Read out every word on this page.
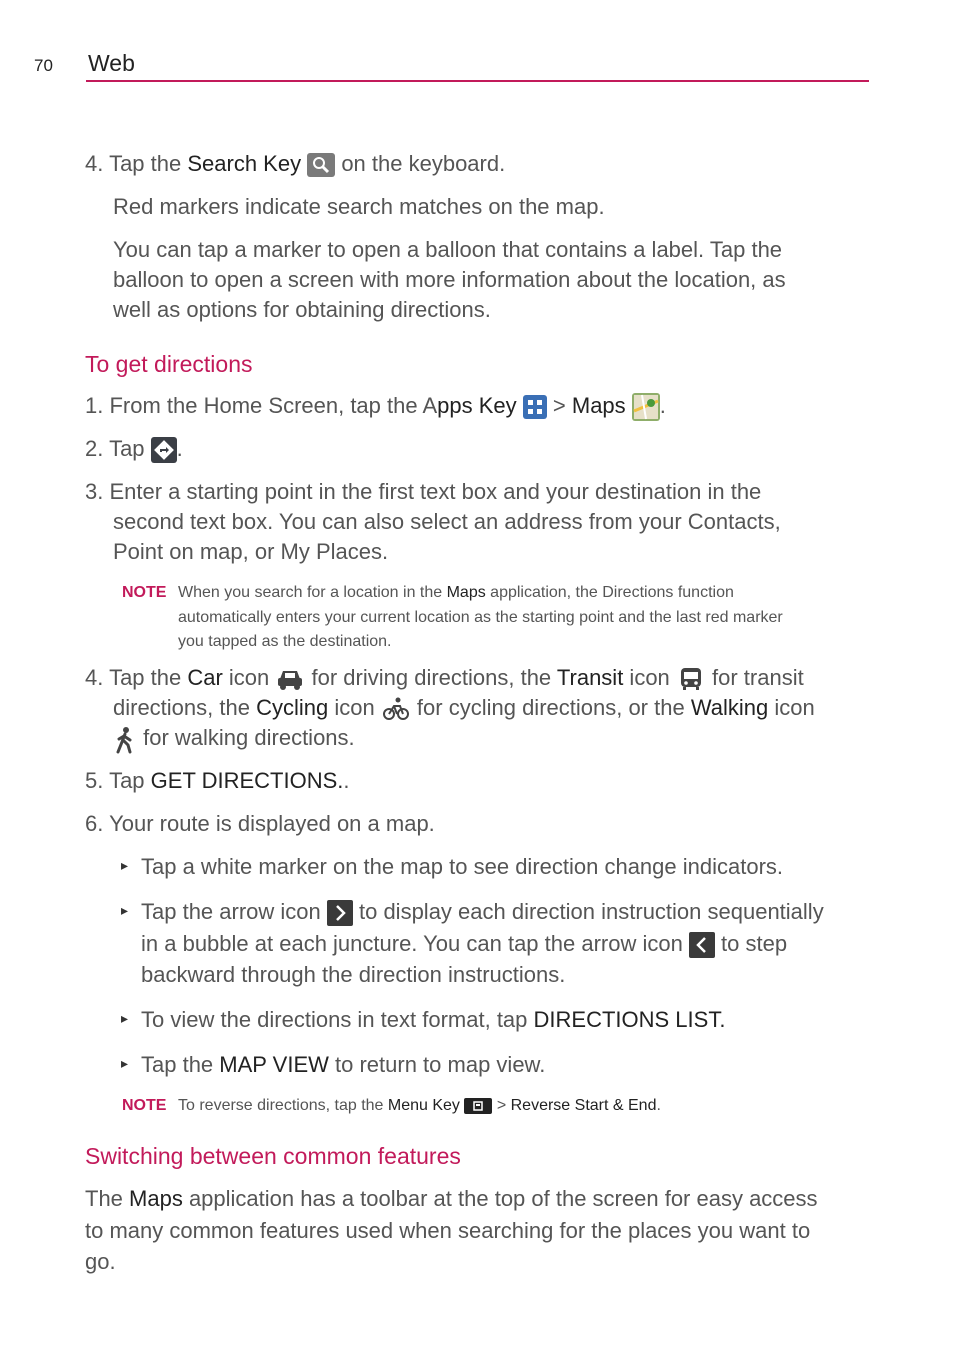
70 Web
4. Tap the Search Key
on the keyboard.
Red markers indicate search matches on the map.
You can tap a marker to open a balloon that contains a label. Tap the
balloon to open a screen with more information about the location, as
well as options for obtaining directions.
To get directions
1. From the Home Screen, tap the Apps Key
> Maps .
2. Tap
.
3. Enter a starting point in the first text box and your destination in the
second text box. You can also select an address from your Contacts,
Point on map, or My Places.
NOTE When you search for a location in the Maps application, the Directions function
automatically enters your current location as the starting point and the last red marker
you tapped as the destination.
4. Tap the Car icon
for driving directions, the Transit icon
for transit
directions, the Cycling icon
for cycling directions, or the Walking icon
for walking directions.
5. Tap GET DIRECTIONS..
6. Your route is displayed on a map.
▸ Tap a white marker on the map to see direction change indicators.
▸ Tap the arrow icon
to display each direction instruction sequentially
in a bubble at each juncture. You can tap the arrow icon
to step
backward through the direction instructions.
▸ To view the directions in text format, tap DIRECTIONS LIST.
▸ Tap the MAP VIEW to return to map view.
NOTE To reverse directions, tap the Menu Key
> Reverse Start & End.
Switching between common features
The Maps application has a toolbar at the top of the screen for easy access
to many common features used when searching for the places you want to
go.
